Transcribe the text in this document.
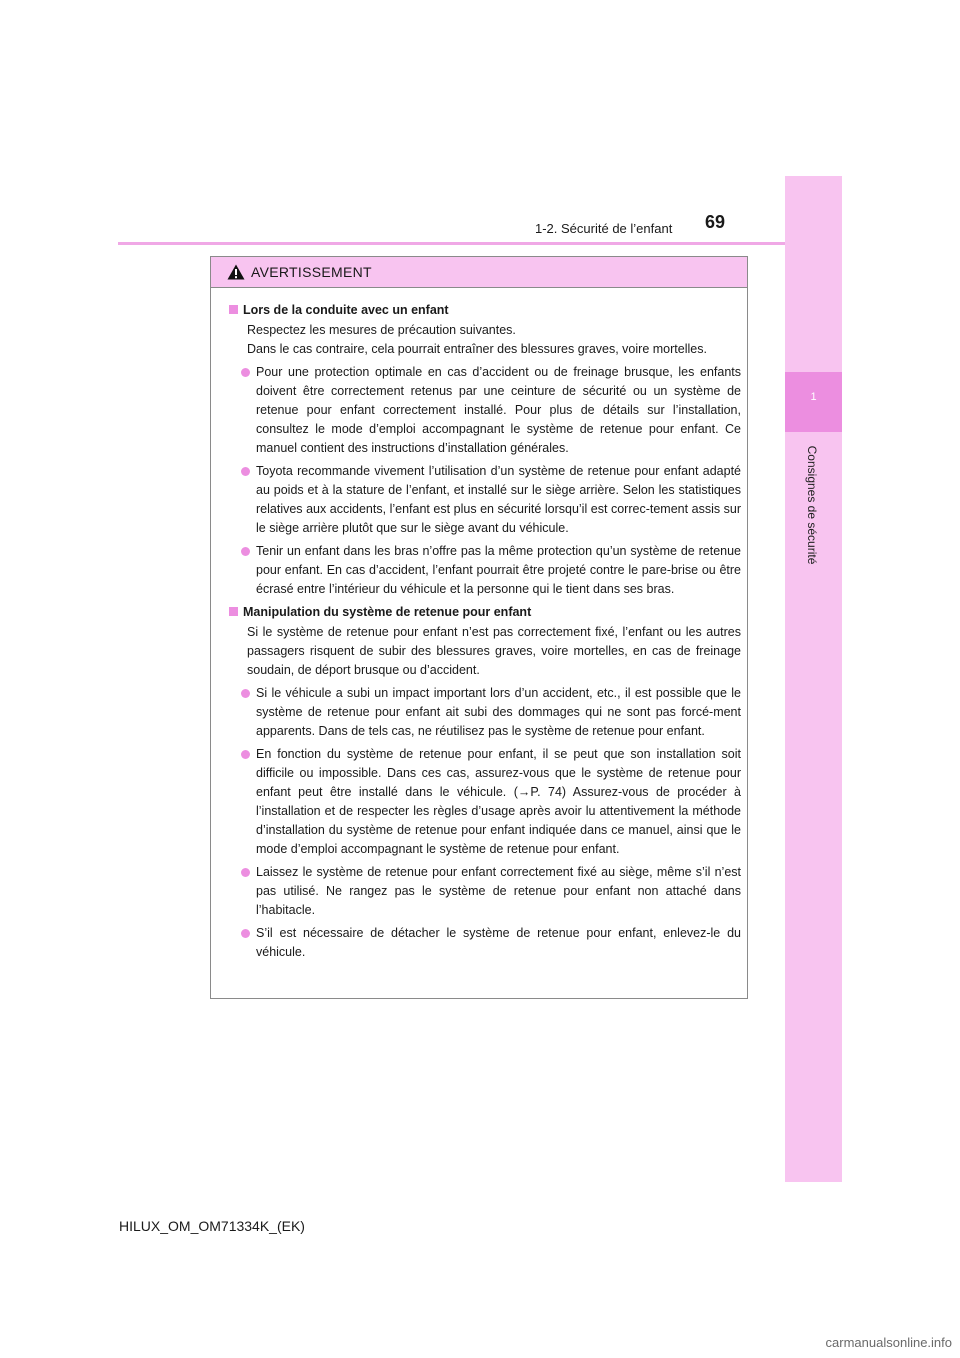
69
1-2. Sécurité de l’enfant
1
Consignes de sécurité
AVERTISSEMENT
Lors de la conduite avec un enfant
Respectez les mesures de précaution suivantes.
Dans le cas contraire, cela pourrait entraîner des blessures graves, voire mortelles.
Pour une protection optimale en cas d’accident ou de freinage brusque, les enfants doivent être correctement retenus par une ceinture de sécurité ou un système de retenue pour enfant correctement installé. Pour plus de détails sur l’installation, consultez le mode d’emploi accompagnant le système de retenue pour enfant. Ce manuel contient des instructions d’installation générales.
Toyota recommande vivement l’utilisation d’un système de retenue pour enfant adapté au poids et à la stature de l’enfant, et installé sur le siège arrière. Selon les statistiques relatives aux accidents, l’enfant est plus en sécurité lorsqu’il est correc-tement assis sur le siège arrière plutôt que sur le siège avant du véhicule.
Tenir un enfant dans les bras n’offre pas la même protection qu’un système de retenue pour enfant. En cas d’accident, l’enfant pourrait être projeté contre le pare-brise ou être écrasé entre l’intérieur du véhicule et la personne qui le tient dans ses bras.
Manipulation du système de retenue pour enfant
Si le système de retenue pour enfant n’est pas correctement fixé, l’enfant ou les autres passagers risquent de subir des blessures graves, voire mortelles, en cas de freinage soudain, de déport brusque ou d’accident.
Si le véhicule a subi un impact important lors d’un accident, etc., il est possible que le système de retenue pour enfant ait subi des dommages qui ne sont pas forcé-ment apparents. Dans de tels cas, ne réutilisez pas le système de retenue pour enfant.
En fonction du système de retenue pour enfant, il se peut que son installation soit difficile ou impossible. Dans ces cas, assurez-vous que le système de retenue pour enfant peut être installé dans le véhicule. (→P. 74) Assurez-vous de procéder à l’installation et de respecter les règles d’usage après avoir lu attentivement la méthode d’installation du système de retenue pour enfant indiquée dans ce manuel, ainsi que le mode d’emploi accompagnant le système de retenue pour enfant.
Laissez le système de retenue pour enfant correctement fixé au siège, même s’il n’est pas utilisé. Ne rangez pas le système de retenue pour enfant non attaché dans l’habitacle.
S’il est nécessaire de détacher le système de retenue pour enfant, enlevez-le du véhicule.
HILUX_OM_OM71334K_(EK)
carmanualsonline.info
